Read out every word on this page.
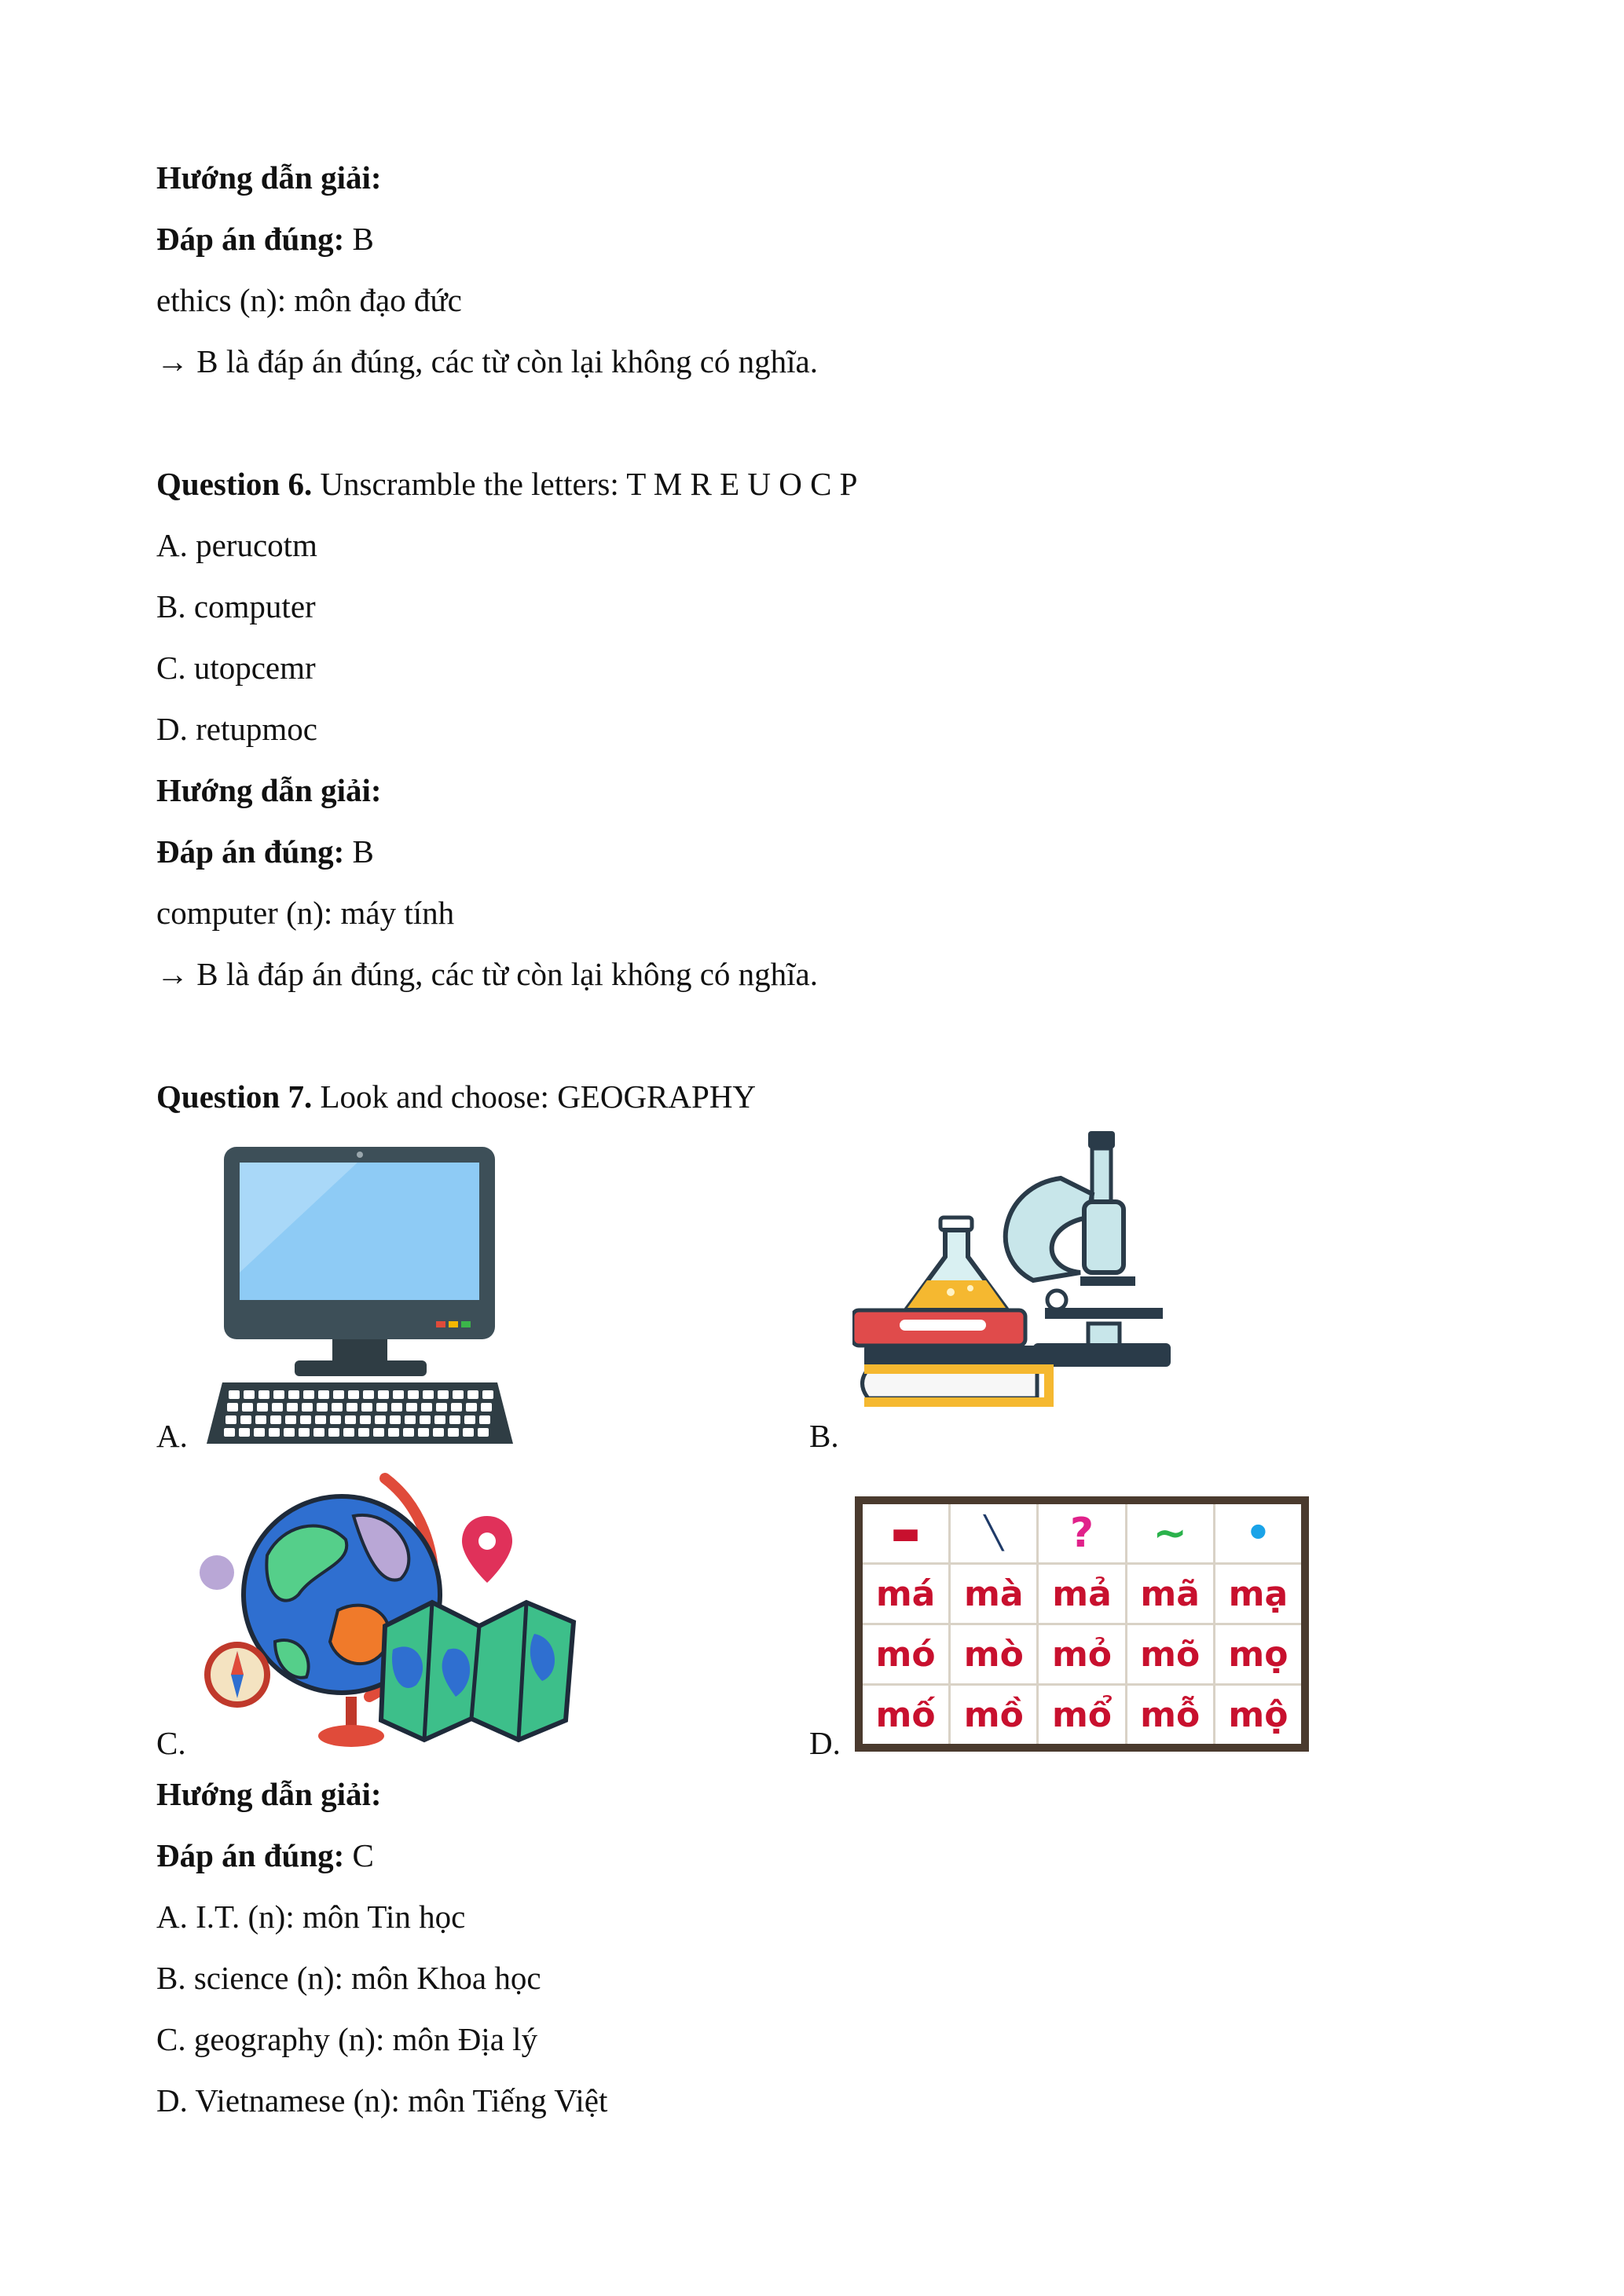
Hướng dẫn giải:
Đáp án đúng: B
ethics (n): môn đạo đức
→ B là đáp án đúng, các từ còn lại không có nghĩa.
Question 6. Unscramble the letters: T M R E U O C P
A. perucotm
B. computer
C. utopcemr
D. retupmoc
Hướng dẫn giải:
Đáp án đúng: B
computer (n): máy tính
→ B là đáp án đúng, các từ còn lại không có nghĩa.
Question 7. Look and choose: GEOGRAPHY
A.	B.
C.	D.
▬	╲	?	~	•
má mà mả mã mạ
mó mò mỏ mõ mọ
mố mồ mổ mỗ mộ
Hướng dẫn giải:
Đáp án đúng: C
A. I.T. (n): môn Tin học
B. science (n): môn Khoa học
C. geography (n): môn Địa lý
D. Vietnamese (n): môn Tiếng Việt
